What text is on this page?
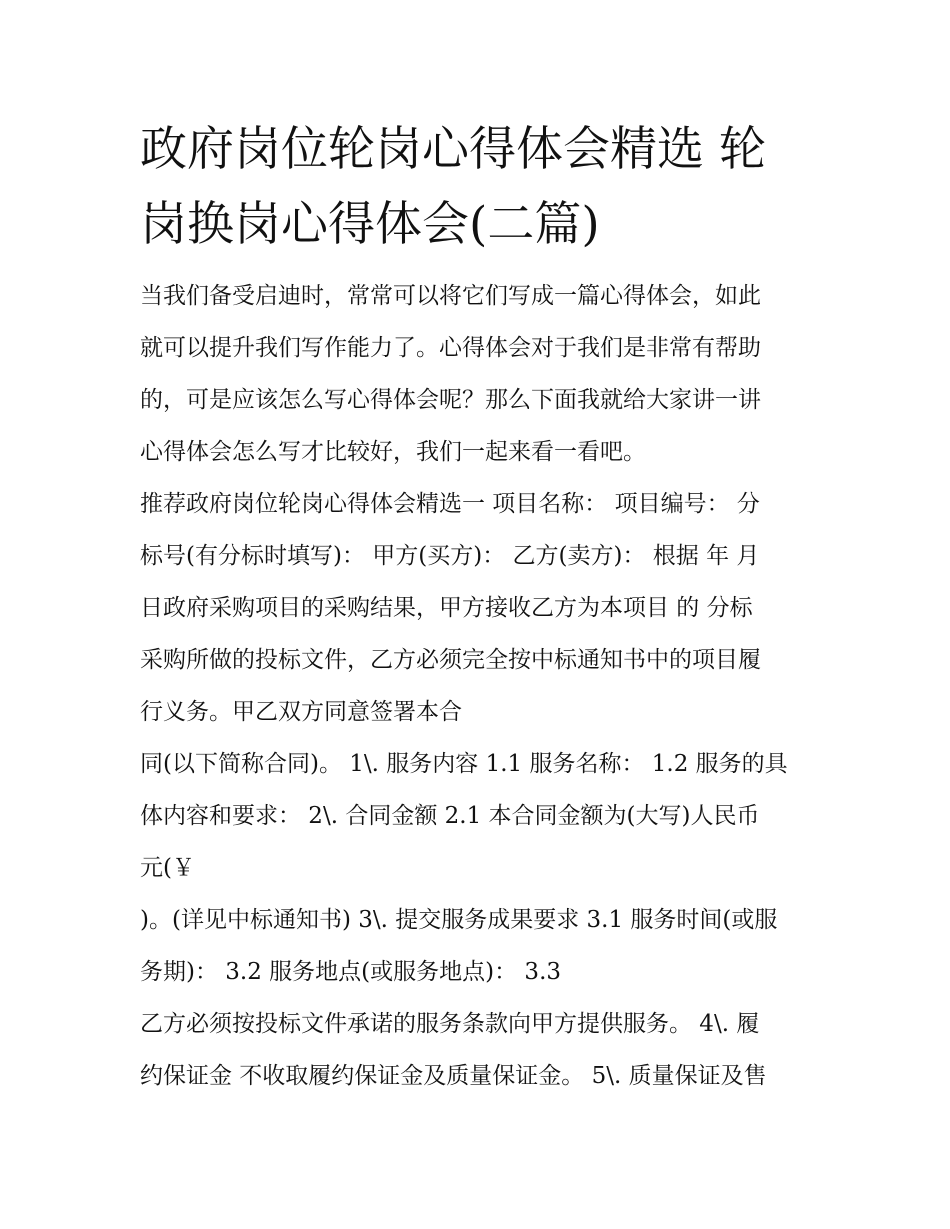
政府岗位轮岗心得体会精选 轮
岗换岗心得体会(二篇)

当我们备受启迪时，常常可以将它们写成一篇心得体会，如此
就可以提升我们写作能力了。心得体会对于我们是非常有帮助
的，可是应该怎么写心得体会呢？那么下面我就给大家讲一讲
心得体会怎么写才比较好，我们一起来看一看吧。

推荐政府岗位轮岗心得体会精选一 项目名称： 项目编号： 分
标号(有分标时填写)： 甲方(买方)： 乙方(卖方)： 根据 年 月
日政府采购项目的采购结果，甲方接收乙方为本项目 的 分标
采购所做的投标文件，乙方必须完全按中标通知书中的项目履
行义务。甲乙双方同意签署本合

同(以下简称合同)。 1\. 服务内容 1.1 服务名称： 1.2 服务的具
体内容和要求： 2\. 合同金额 2.1 本合同金额为(大写)人民币
元(￥

)。(详见中标通知书) 3\. 提交服务成果要求 3.1 服务时间(或服
务期)： 3.2 服务地点(或服务地点)： 3.3

乙方必须按投标文件承诺的服务条款向甲方提供服务。 4\. 履
约保证金 不收取履约保证金及质量保证金。 5\. 质量保证及售
